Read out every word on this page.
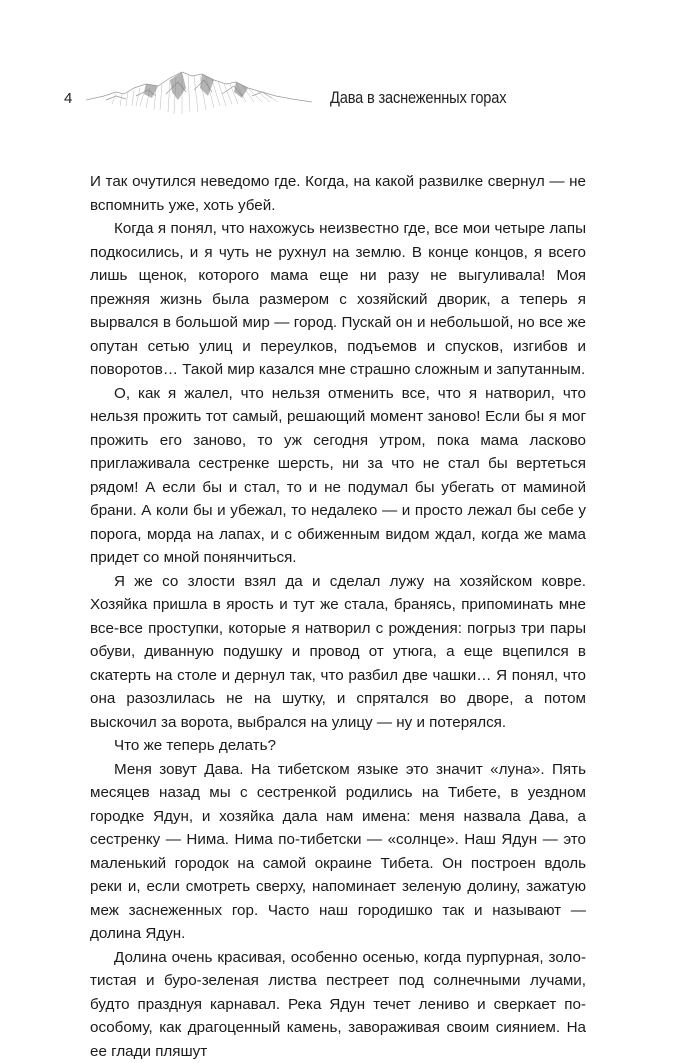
4	Дава в заснеженных горах

И так очутился неведомо где. Когда, на какой развилке свернул — не вспомнить уже, хоть убей.

Когда я понял, что нахожусь неизвестно где, все мои четыре лапы подкосились, и я чуть не рухнул на землю. В конце концов, я всего лишь щенок, которого мама еще ни разу не выгуливала! Моя прежняя жизнь была размером с хозяйский дворик, а теперь я вырвался в большой мир — город. Пускай он и небольшой, но все же опутан сетью улиц и переулков, подъемов и спусков, изгибов и поворотов… Такой мир казался мне страшно сложным и запутанным.

О, как я жалел, что нельзя отменить все, что я натворил, что нельзя прожить тот самый, решающий момент заново! Если бы я мог прожить его заново, то уж сегодня утром, пока мама ласково приглаживала сестренке шерсть, ни за что не стал бы вертеться рядом! А если бы и стал, то и не подумал бы убегать от маминой брани. А коли бы и убежал, то недалеко — и просто лежал бы себе у порога, морда на лапах, и с обиженным видом ждал, когда же мама придет со мной понянчиться.

Я же со злости взял да и сделал лужу на хозяйском ковре. Хозяйка пришла в ярость и тут же стала, бранясь, припоминать мне все-все проступки, которые я натворил с рождения: погрыз три пары обуви, диванную подушку и провод от утюга, а еще вцепился в скатерть на столе и дернул так, что разбил две чашки… Я понял, что она разозлилась не на шутку, и спрятался во дворе, а потом выскочил за ворота, выбрался на улицу — ну и потерялся.

Что же теперь делать?

Меня зовут Дава. На тибетском языке это значит «луна». Пять месяцев назад мы с сестренкой родились на Тибете, в уездном городке Ядун, и хозяйка дала нам имена: меня назвала Дава, а сестренку — Нима. Нима по-тибетски — «солнце». Наш Ядун — это маленький городок на самой окраине Тибета. Он построен вдоль реки и, если смотреть сверху, напоминает зеленую долину, зажатую меж заснеженных гор. Часто наш городишко так и называют — долина Ядун.

Долина очень красивая, особенно осенью, когда пурпурная, золотистая и буро-зеленая листва пестреет под солнечными лучами, будто празднуя карнавал. Река Ядун течет лениво и сверкает по-особому, как драгоценный камень, завораживая своим сиянием. На ее глади пляшут
